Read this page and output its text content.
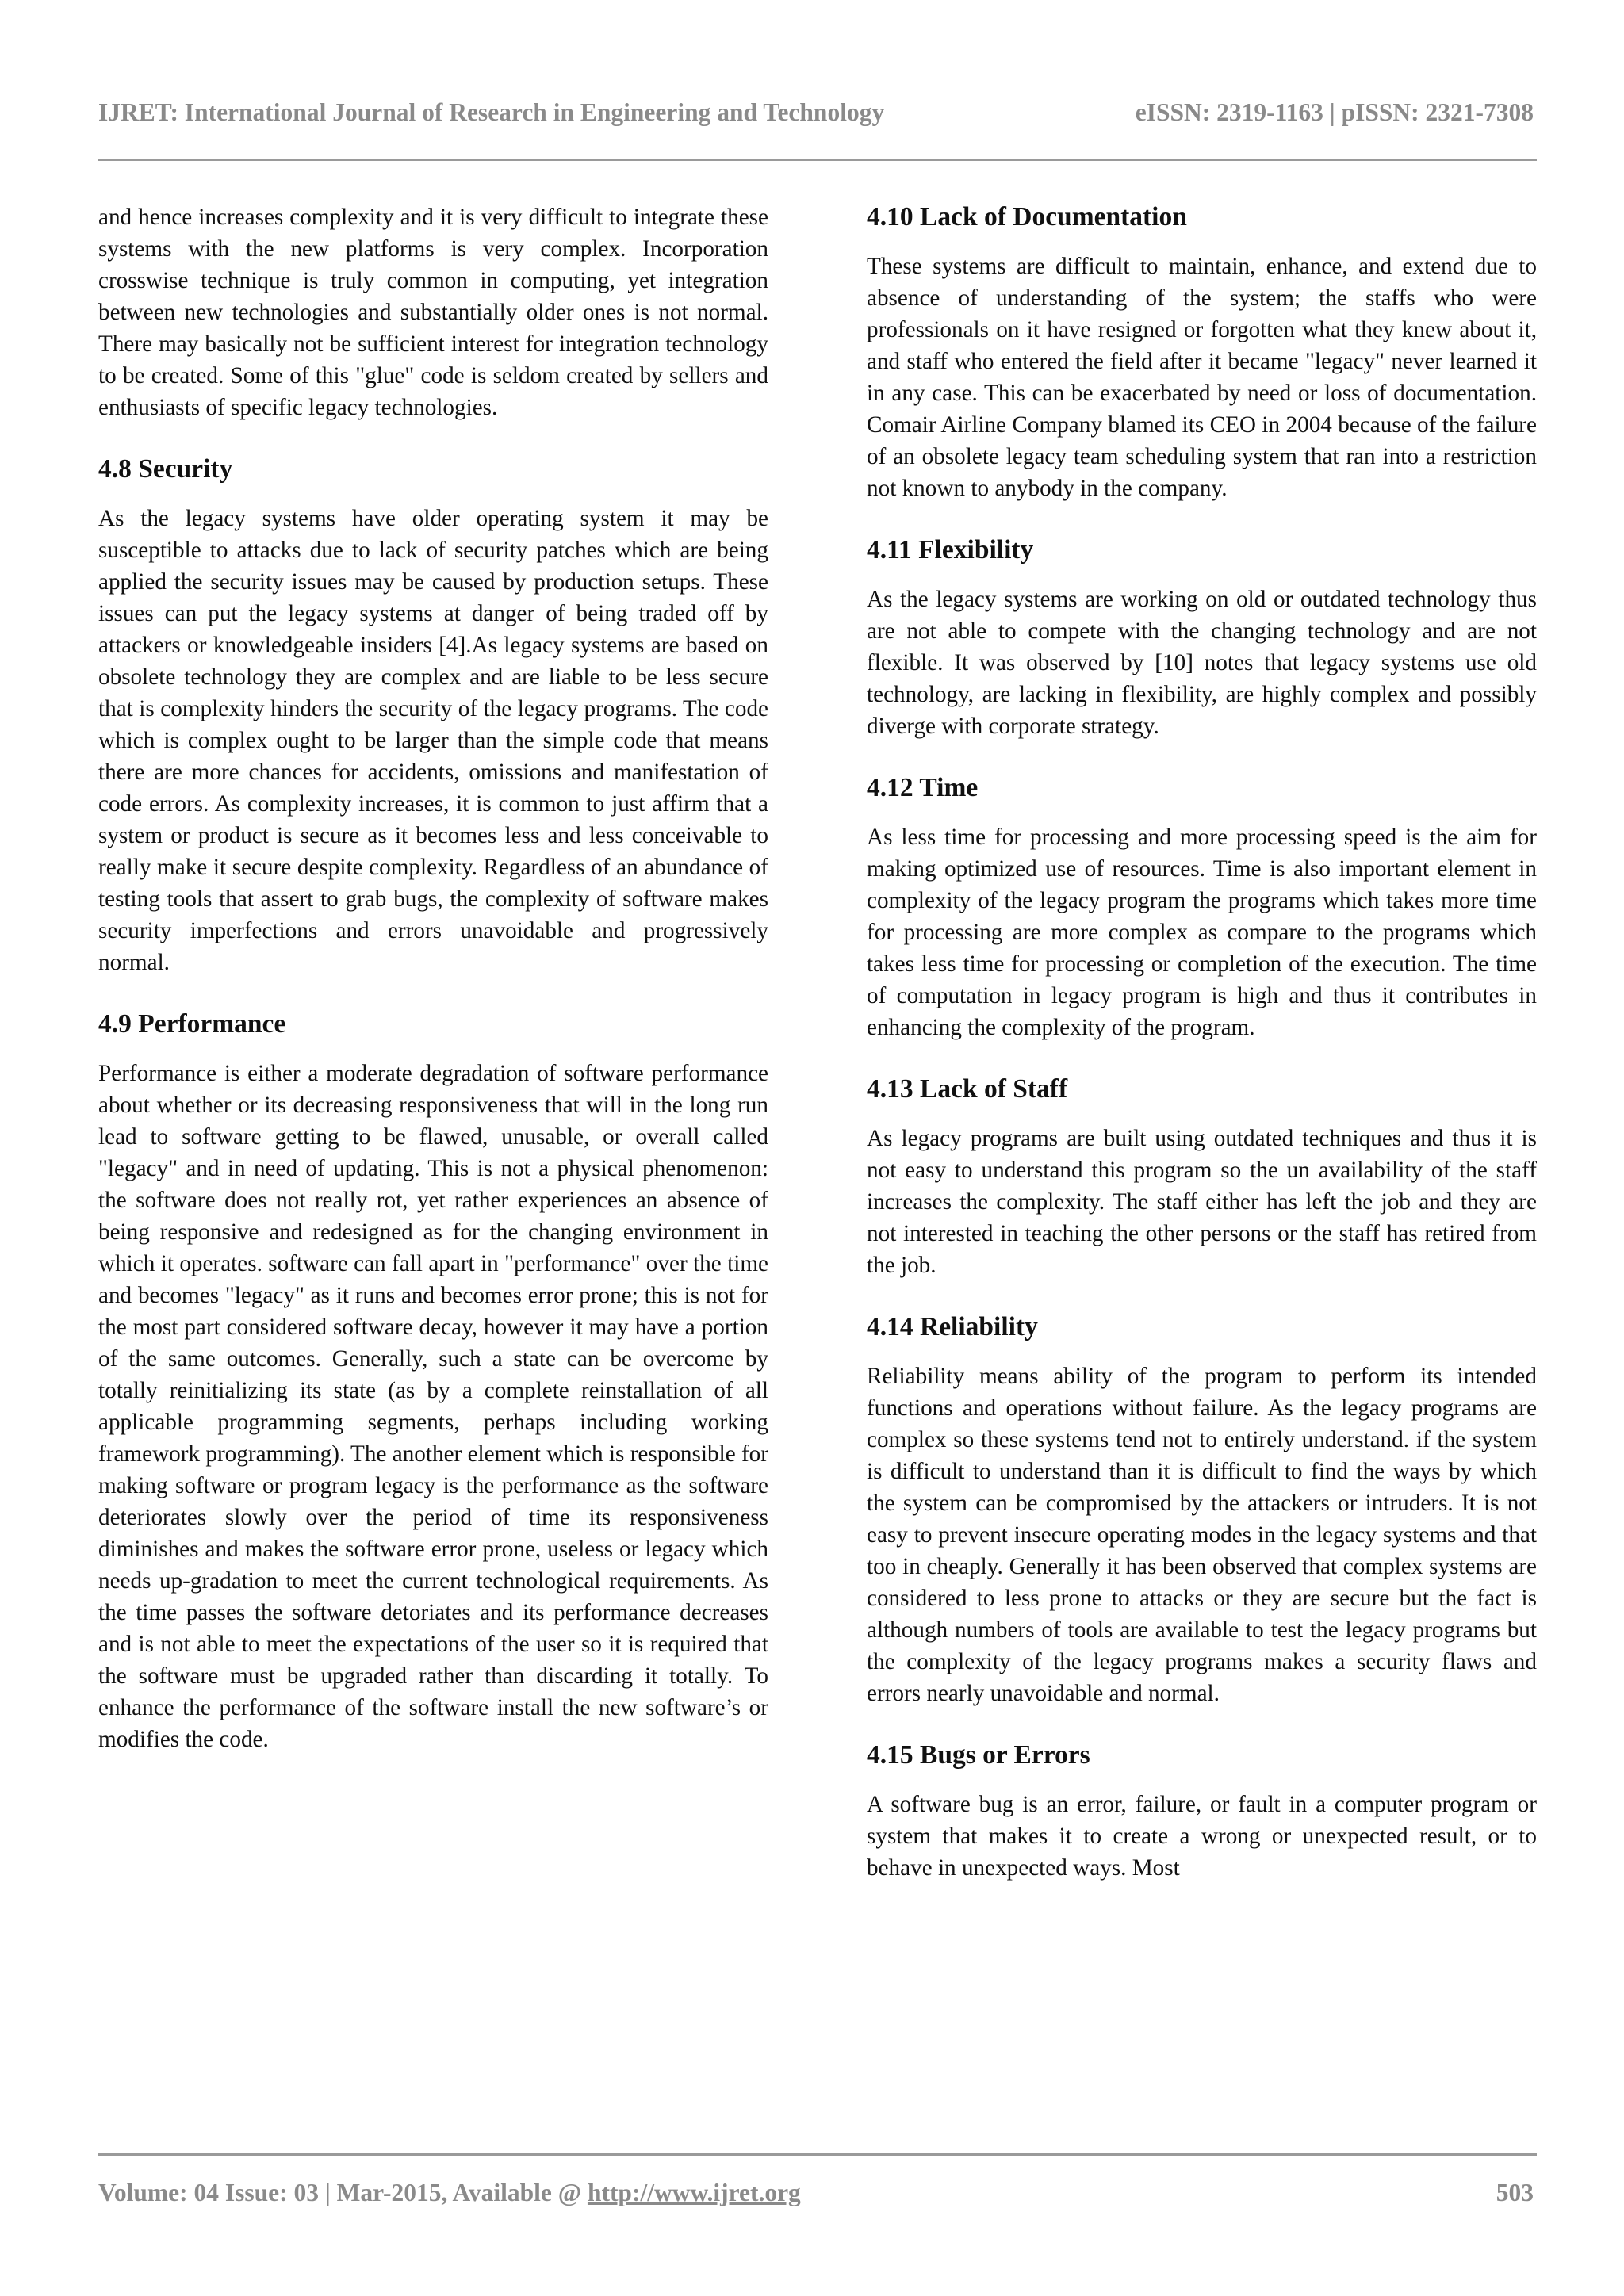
IJRET: International Journal of Research in Engineering and Technology	eISSN: 2319-1163 | pISSN: 2321-7308

and hence increases complexity and it is very difficult to integrate these systems with the new platforms is very complex. Incorporation crosswise technique is truly common in computing, yet integration between new technologies and substantially older ones is not normal. There may basically not be sufficient interest for integration technology to be created. Some of this "glue" code is seldom created by sellers and enthusiasts of specific legacy technologies.

4.8 Security

As the legacy systems have older operating system it may be susceptible to attacks due to lack of security patches which are being applied the security issues may be caused by production setups. These issues can put the legacy systems at danger of being traded off by attackers or knowledgeable insiders [4].As legacy systems are based on obsolete technology they are complex and are liable to be less secure that is complexity hinders the security of the legacy programs. The code which is complex ought to be larger than the simple code that means there are more chances for accidents, omissions and manifestation of code errors. As complexity increases, it is common to just affirm that a system or product is secure as it becomes less and less conceivable to really make it secure despite complexity. Regardless of an abundance of testing tools that assert to grab bugs, the complexity of software makes security imperfections and errors unavoidable and progressively normal.

4.9 Performance

Performance is either a moderate degradation of software performance about whether or its decreasing responsiveness that will in the long run lead to software getting to be flawed, unusable, or overall called "legacy" and in need of updating. This is not a physical phenomenon: the software does not really rot, yet rather experiences an absence of being responsive and redesigned as for the changing environment in which it operates. software can fall apart in "performance" over the time and becomes "legacy" as it runs and becomes error prone; this is not for the most part considered software decay, however it may have a portion of the same outcomes. Generally, such a state can be overcome by totally reinitializing its state (as by a complete reinstallation of all applicable programming segments, perhaps including working framework programming). The another element which is responsible for making software or program legacy is the performance as the software deteriorates slowly over the period of time its responsiveness diminishes and makes the software error prone, useless or legacy which needs up-gradation to meet the current technological requirements. As the time passes the software detoriates and its performance decreases and is not able to meet the expectations of the user so it is required that the software must be upgraded rather than discarding it totally. To enhance the performance of the software install the new software’s or modifies the code.

4.10 Lack of Documentation

These systems are difficult to maintain, enhance, and extend due to absence of understanding of the system; the staffs who were professionals on it have resigned or forgotten what they knew about it, and staff who entered the field after it became "legacy" never learned it in any case. This can be exacerbated by need or loss of documentation. Comair Airline Company blamed its CEO in 2004 because of the failure of an obsolete legacy team scheduling system that ran into a restriction not known to anybody in the company.

4.11 Flexibility

As the legacy systems are working on old or outdated technology thus are not able to compete with the changing technology and are not flexible. It was observed by [10] notes that legacy systems use old technology, are lacking in flexibility, are highly complex and possibly diverge with corporate strategy.

4.12 Time

As less time for processing and more processing speed is the aim for making optimized use of resources. Time is also important element in complexity of the legacy program the programs which takes more time for processing are more complex as compare to the programs which takes less time for processing or completion of the execution. The time of computation in legacy program is high and thus it contributes in enhancing the complexity of the program.

4.13 Lack of Staff

As legacy programs are built using outdated techniques and thus it is not easy to understand this program so the un availability of the staff increases the complexity. The staff either has left the job and they are not interested in teaching the other persons or the staff has retired from the job.

4.14 Reliability

Reliability means ability of the program to perform its intended functions and operations without failure. As the legacy programs are complex so these systems tend not to entirely understand. if the system is difficult to understand than it is difficult to find the ways by which the system can be compromised by the attackers or intruders. It is not easy to prevent insecure operating modes in the legacy systems and that too in cheaply. Generally it has been observed that complex systems are considered to less prone to attacks or they are secure but the fact is although numbers of tools are available to test the legacy programs but the complexity of the legacy programs makes a security flaws and errors nearly unavoidable and normal.

4.15 Bugs or Errors

A software bug is an error, failure, or fault in a computer program or system that makes it to create a wrong or unexpected result, or to behave in unexpected ways. Most

Volume: 04 Issue: 03 | Mar-2015, Available @ http://www.ijret.org	503
